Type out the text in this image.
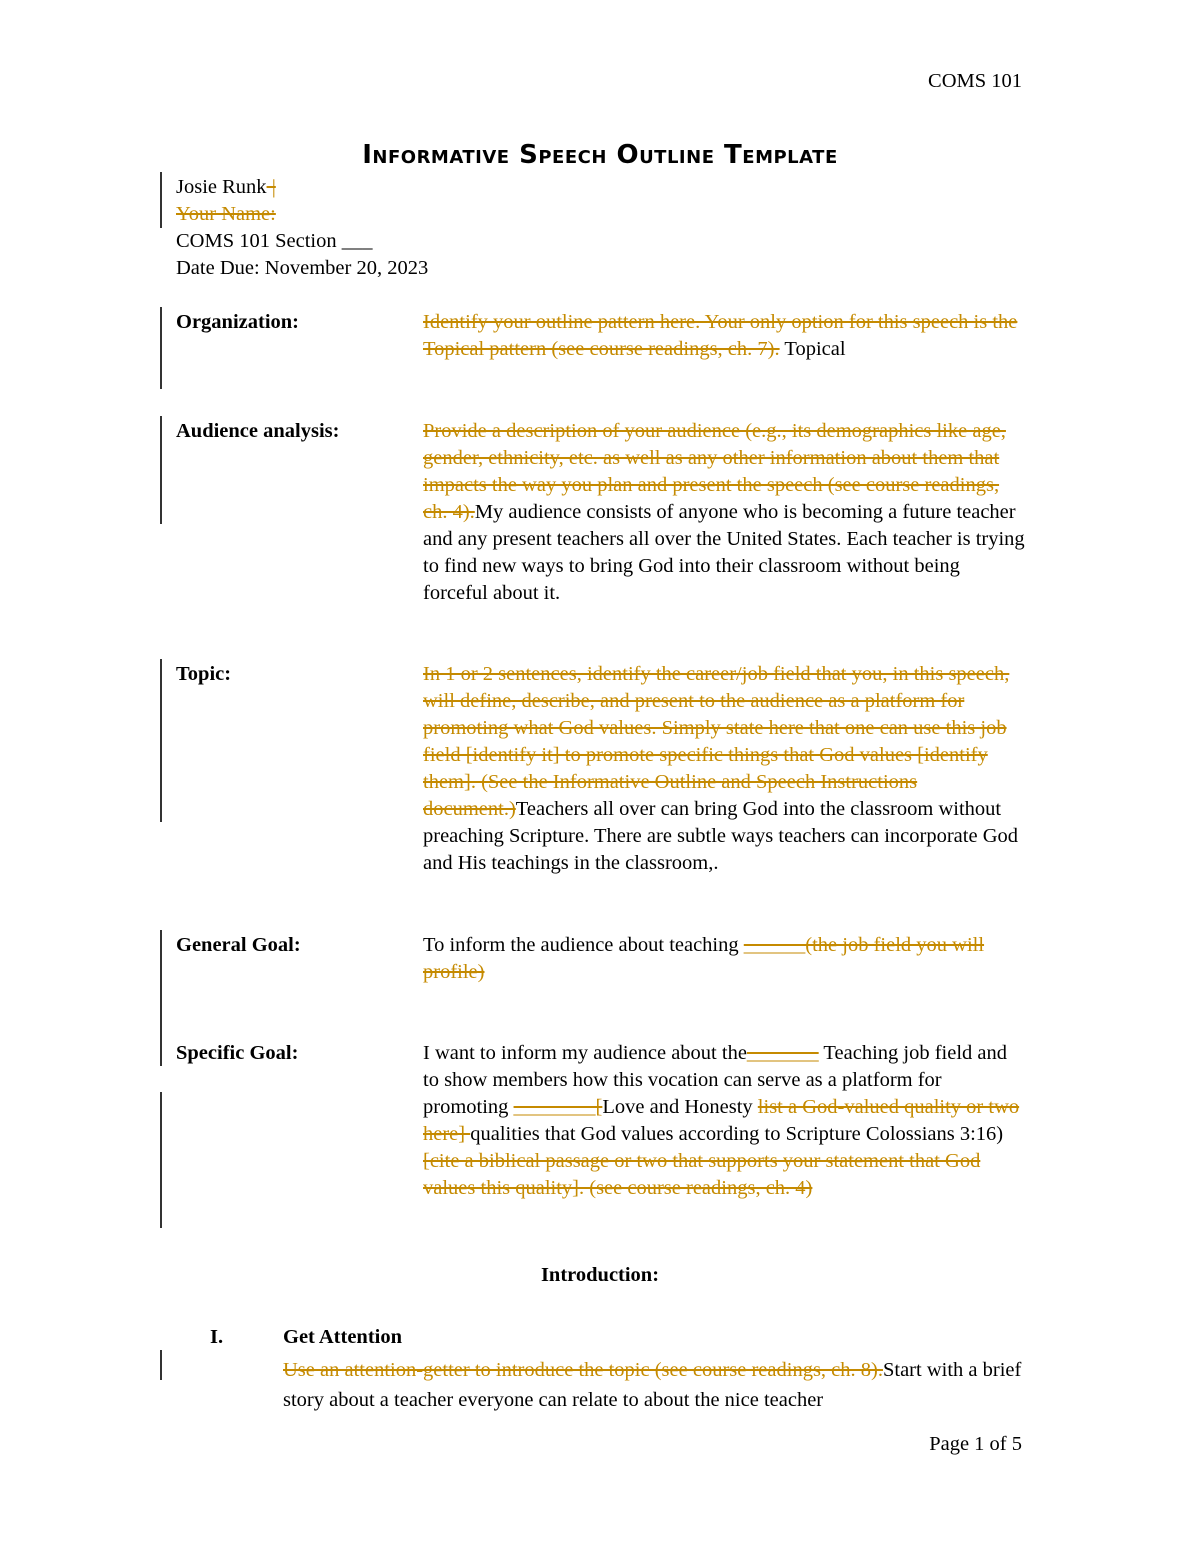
COMS 101
Informative Speech Outline Template
Josie Runk |
Your Name:
COMS 101 Section ___
Date Due: November 20, 2023
Organization:	Identify your outline pattern here. Your only option for this speech is the Topical pattern (see course readings, ch. 7). Topical
Audience analysis:	Provide a description of your audience (e.g., its demographics like age, gender, ethnicity, etc. as well as any other information about them that impacts the way you plan and present the speech (see course readings, ch. 4).My audience consists of anyone who is becoming a future teacher and any present teachers all over the United States. Each teacher is trying to find new ways to bring God into their classroom without being forceful about it.
Topic:	In 1 or 2 sentences, identify the career/job field that you, in this speech, will define, describe, and present to the audience as a platform for promoting what God values. Simply state here that one can use this job field [identify it] to promote specific things that God values [identify them]. (See the Informative Outline and Speech Instructions document.)Teachers all over can bring God into the classroom without preaching Scripture. There are subtle ways teachers can incorporate God and His teachings in the classroom,.
General Goal:	To inform the audience about teaching ______(the job field you will profile)
Specific Goal:	I want to inform my audience about the_______ Teaching job field and to show members how this vocation can serve as a platform for promoting ________[Love and Honesty list a God-valued quality or two here] qualities that God values according to Scripture Colossians 3:16)[cite a biblical passage or two that supports your statement that God values this quality]. (see course readings, ch. 4)
Introduction:
I.	Get Attention
Use an attention-getter to introduce the topic (see course readings, ch. 8).Start with a brief story about a teacher everyone can relate to about the nice teacher
Page 1 of 5
